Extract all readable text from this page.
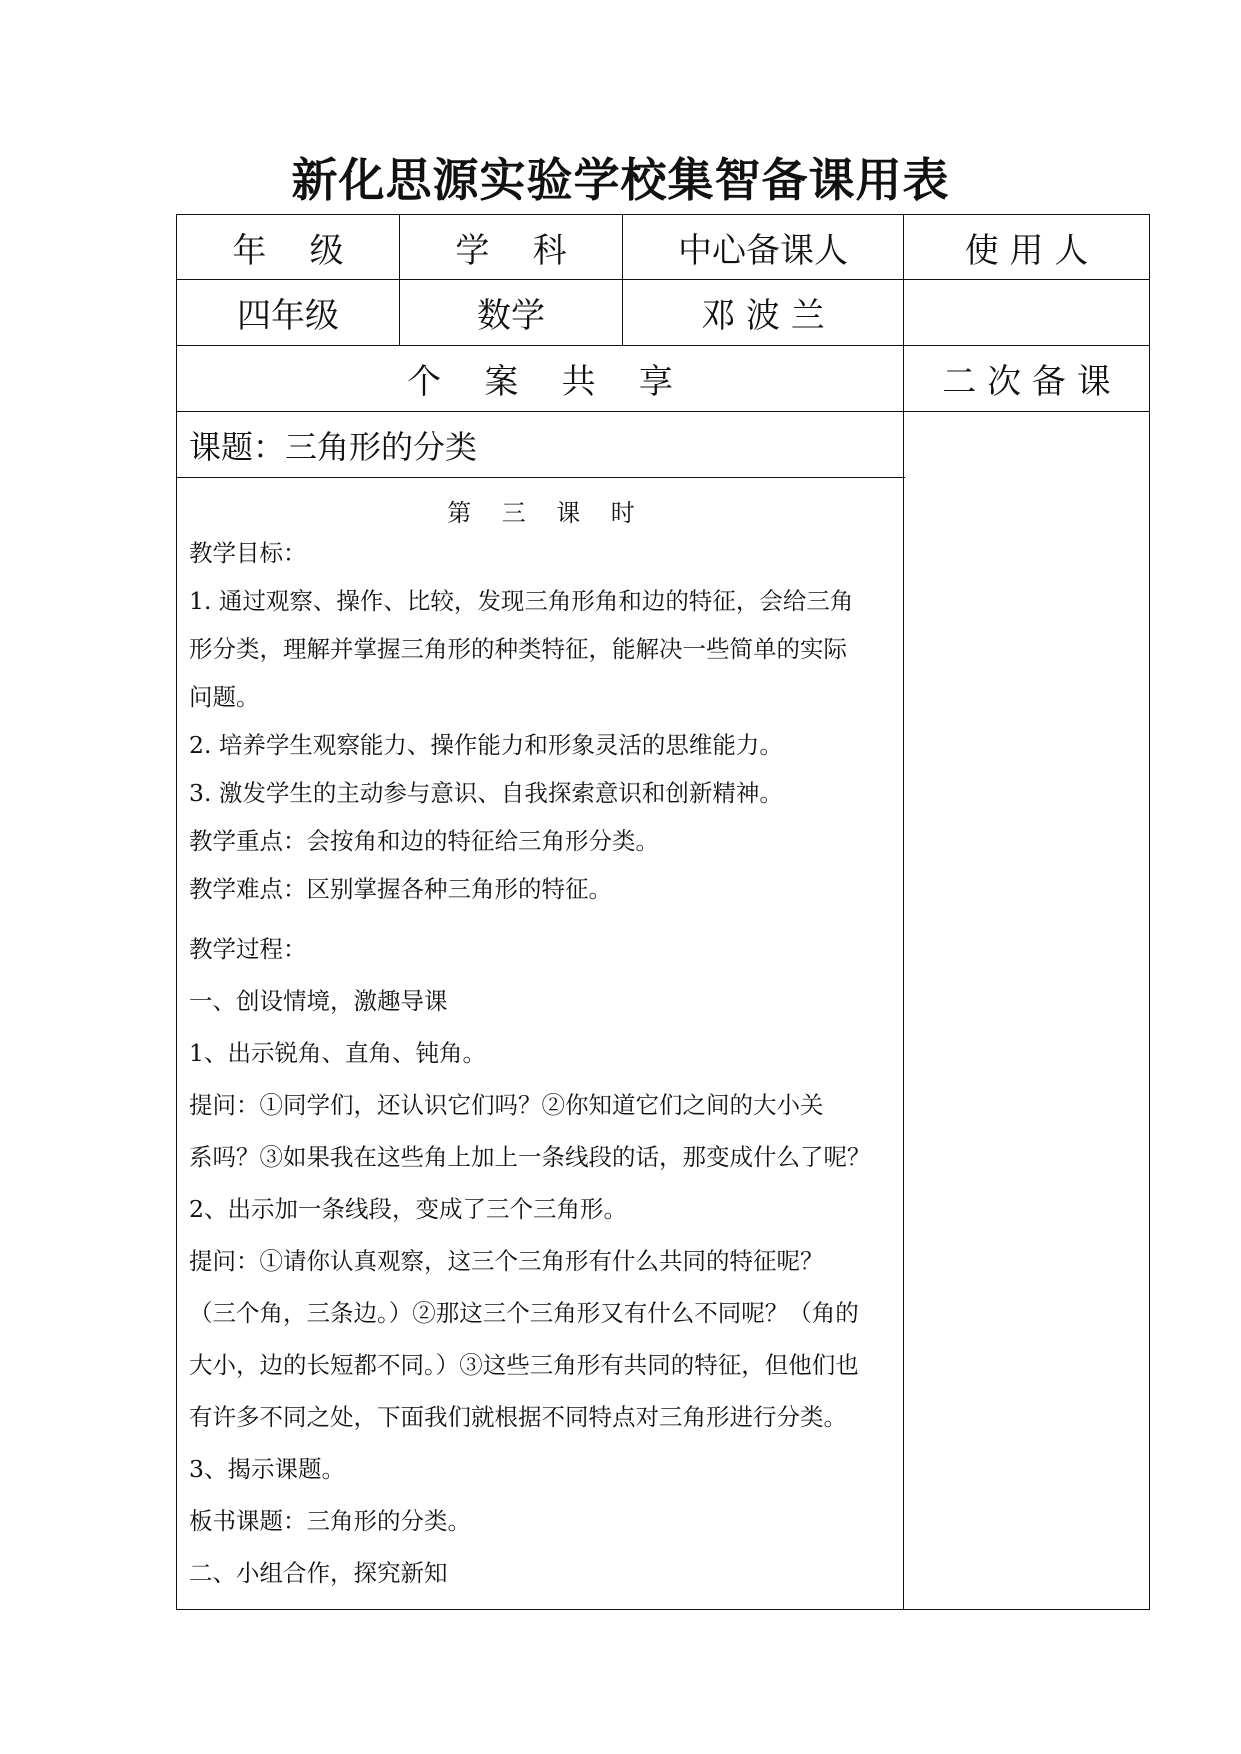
新化思源实验学校集智备课用表
年    级	学    科	中心备课人	使 用 人
四年级	数学	邓 波 兰
个    案    共    享	二 次 备 课
课题：三角形的分类
第    三    课    时
教学目标：
1. 通过观察、操作、比较，发现三角形角和边的特征，会给三角
形分类，理解并掌握三角形的种类特征，能解决一些简单的实际
问题。
2. 培养学生观察能力、操作能力和形象灵活的思维能力。
3. 激发学生的主动参与意识、自我探索意识和创新精神。
教学重点：会按角和边的特征给三角形分类。
教学难点：区别掌握各种三角形的特征。
教学过程：
一、创设情境，激趣导课
1、出示锐角、直角、钝角。
提问：①同学们，还认识它们吗？②你知道它们之间的大小关
系吗？③如果我在这些角上加上一条线段的话，那变成什么了呢？
2、出示加一条线段，变成了三个三角形。
提问：①请你认真观察，这三个三角形有什么共同的特征呢？
（三个角，三条边。）②那这三个三角形又有什么不同呢？（角的
大小，边的长短都不同。）③这些三角形有共同的特征，但他们也
有许多不同之处，下面我们就根据不同特点对三角形进行分类。
3、揭示课题。
板书课题：三角形的分类。
二、小组合作，探究新知
